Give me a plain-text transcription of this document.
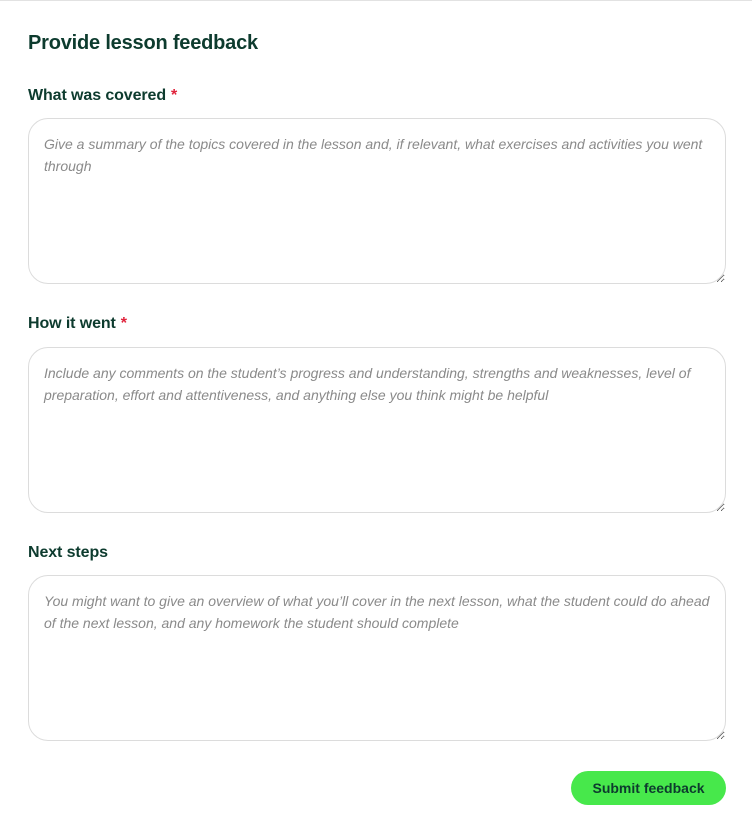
Provide lesson feedback
What was covered *
Give a summary of the topics covered in the lesson and, if relevant, what exercises and activities you went through
How it went *
Include any comments on the student’s progress and understanding, strengths and weaknesses, level of preparation, effort and attentiveness, and anything else you think might be helpful
Next steps
You might want to give an overview of what you’ll cover in the next lesson, what the student could do ahead of the next lesson, and any homework the student should complete
Submit feedback
